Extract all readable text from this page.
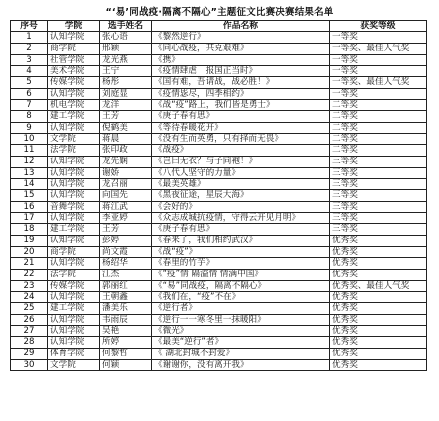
“‘易’同战疫·隔离不隔心”主题征文比赛决赛结果名单
序号	学院	选手姓名	作品名称	获奖等级
1	认知学院	张心语	《黎然逆行》	一等奖
2	商学院	邢颖	《同心战疫，共克艰难》	一等奖、最佳人气奖
3	社管学院	龙光燕	《携》	一等奖
4	美术学院	王宁	《疫情肆虐　报国正当时》	一等奖
5	传媒学院	杨彤	《国有难，吾请战，战必胜！》	一等奖、最佳人气奖
6	认知学院	刘庭显	《疫情毖尽，四季相约》	一等奖
7	机电学院	龙洋	《战“疫”路上，我们皆是勇士》	二等奖
8	建工学院	王芳	《庚子春有思》	二等奖
9	认知学院	倪鹤美	《等待春暖花开》	二等奖
10	文学院	蒋晨	《没有生而英勇，只有择而无畏》	二等奖
11	法学院	张印政	《战疫》	二等奖
12	认知学院	龙先娴	《岂曰无衣？与子同袍！》	三等奖
13	认知学院	谢娇	《八代人坚守的力量》	三等奖
14	认知学院	龙召丽	《最美英雄》	三等奖
15	认知学院	向国先	《黑夜征途，星辰大海》	三等奖
16	音舞学院	蒋江武	《会好的》	三等奖
17	认知学院	李亚婷	《众志成城抗疫情，守得云开见月明》	三等奖
18	建工学院	王芳	《庚子春有思》	三等奖
19	认知学院	彭婷	《春来了，我们相约武汉》	优秀奖
20	商学院	尚文霞	《战“疫”》	优秀奖
21	认知学院	杨绍华	《春里的竹芋》	优秀奖
22	法学院	江杰	《“疫”情 隔溢情 情满中国》	优秀奖
23	传媒学院	郭丽红	《“易”同战疫，隔离不隔心》	优秀奖、最佳人气奖
24	认知学院	王朝鑫	《我们在，“疫”不在》	优秀奖
25	建工学院	潘美乐	《逆行者》	优秀奖
26	认知学院	韦雨辰	《逆行一一寒冬里一抹暖阳》	优秀奖
27	认知学院	吴艳	《微光》	优秀奖
28	认知学院	所婷	《最美“逆行”者》	优秀奖
29	体育学院	何黎哲	《 湖北封城不封爱》	优秀奖
30	文学院	何颖	《谢谢你，没有离开我》	优秀奖
